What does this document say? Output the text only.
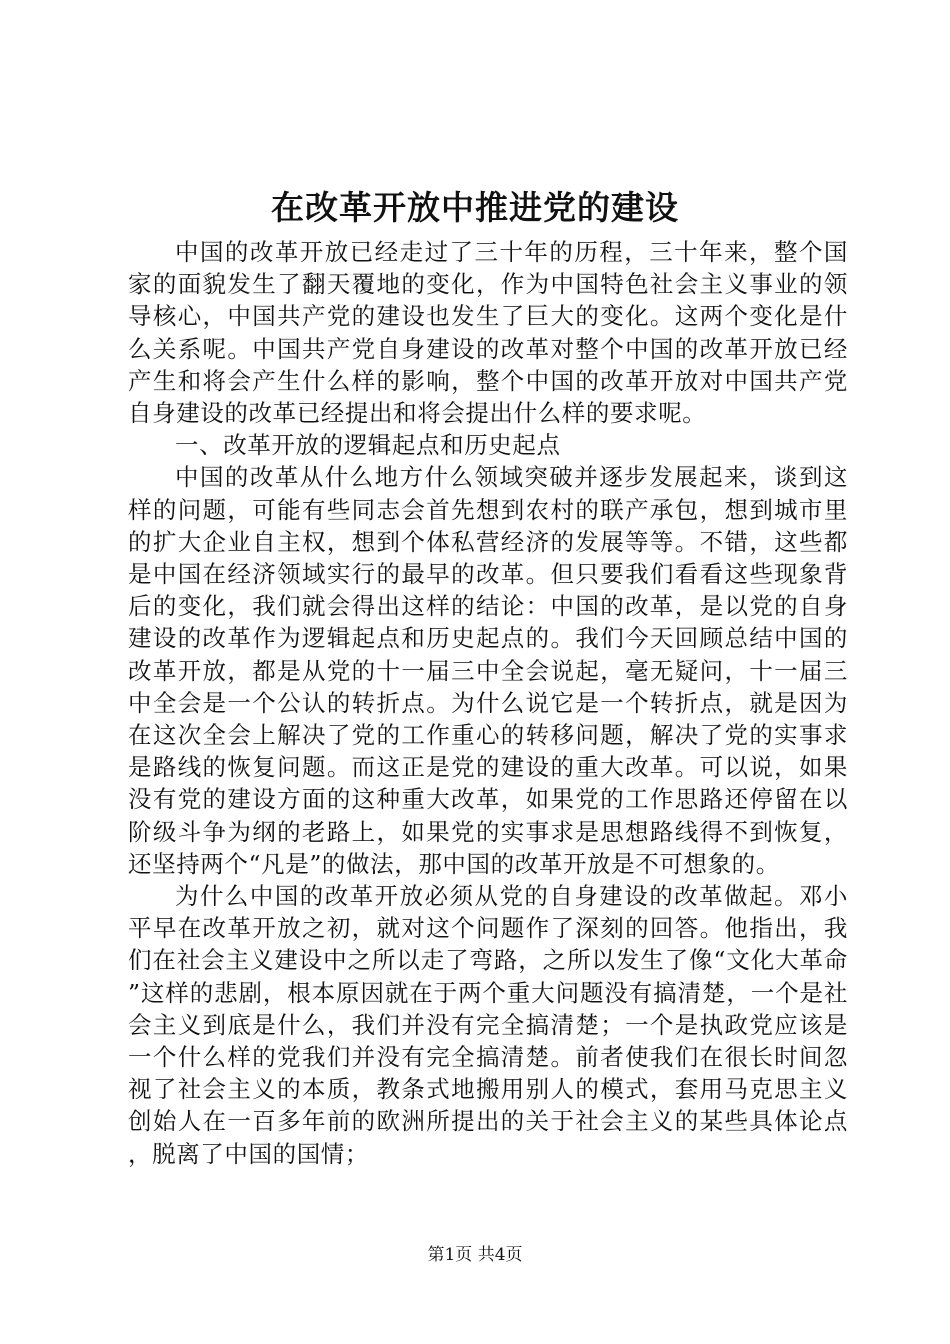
在改革开放中推进党的建设

中国的改革开放已经走过了三十年的历程，三十年来，整个国家的面貌发生了翻天覆地的变化，作为中国特色社会主义事业的领导核心，中国共产党的建设也发生了巨大的变化。这两个变化是什么关系呢。中国共产党自身建设的改革对整个中国的改革开放已经产生和将会产生什么样的影响，整个中国的改革开放对中国共产党自身建设的改革已经提出和将会提出什么样的要求呢。

一、改革开放的逻辑起点和历史起点

中国的改革从什么地方什么领域突破并逐步发展起来，谈到这样的问题，可能有些同志会首先想到农村的联产承包，想到城市里的扩大企业自主权，想到个体私营经济的发展等等。不错，这些都是中国在经济领域实行的最早的改革。但只要我们看看这些现象背后的变化，我们就会得出这样的结论：中国的改革，是以党的自身建设的改革作为逻辑起点和历史起点的。我们今天回顾总结中国的改革开放，都是从党的十一届三中全会说起，毫无疑问，十一届三中全会是一个公认的转折点。为什么说它是一个转折点，就是因为在这次全会上解决了党的工作重心的转移问题，解决了党的实事求是路线的恢复问题。而这正是党的建设的重大改革。可以说，如果没有党的建设方面的这种重大改革，如果党的工作思路还停留在以阶级斗争为纲的老路上，如果党的实事求是思想路线得不到恢复，还坚持两个“凡是”的做法，那中国的改革开放是不可想象的。

为什么中国的改革开放必须从党的自身建设的改革做起。邓小平早在改革开放之初，就对这个问题作了深刻的回答。他指出，我们在社会主义建设中之所以走了弯路，之所以发生了像“文化大革命”这样的悲剧，根本原因就在于两个重大问题没有搞清楚，一个是社会主义到底是什么，我们并没有完全搞清楚；一个是执政党应该是一个什么样的党我们并没有完全搞清楚。前者使我们在很长时间忽视了社会主义的本质，教条式地搬用别人的模式，套用马克思主义创始人在一百多年前的欧洲所提出的关于社会主义的某些具体论点，脱离了中国的国情；

第1页 共4页
